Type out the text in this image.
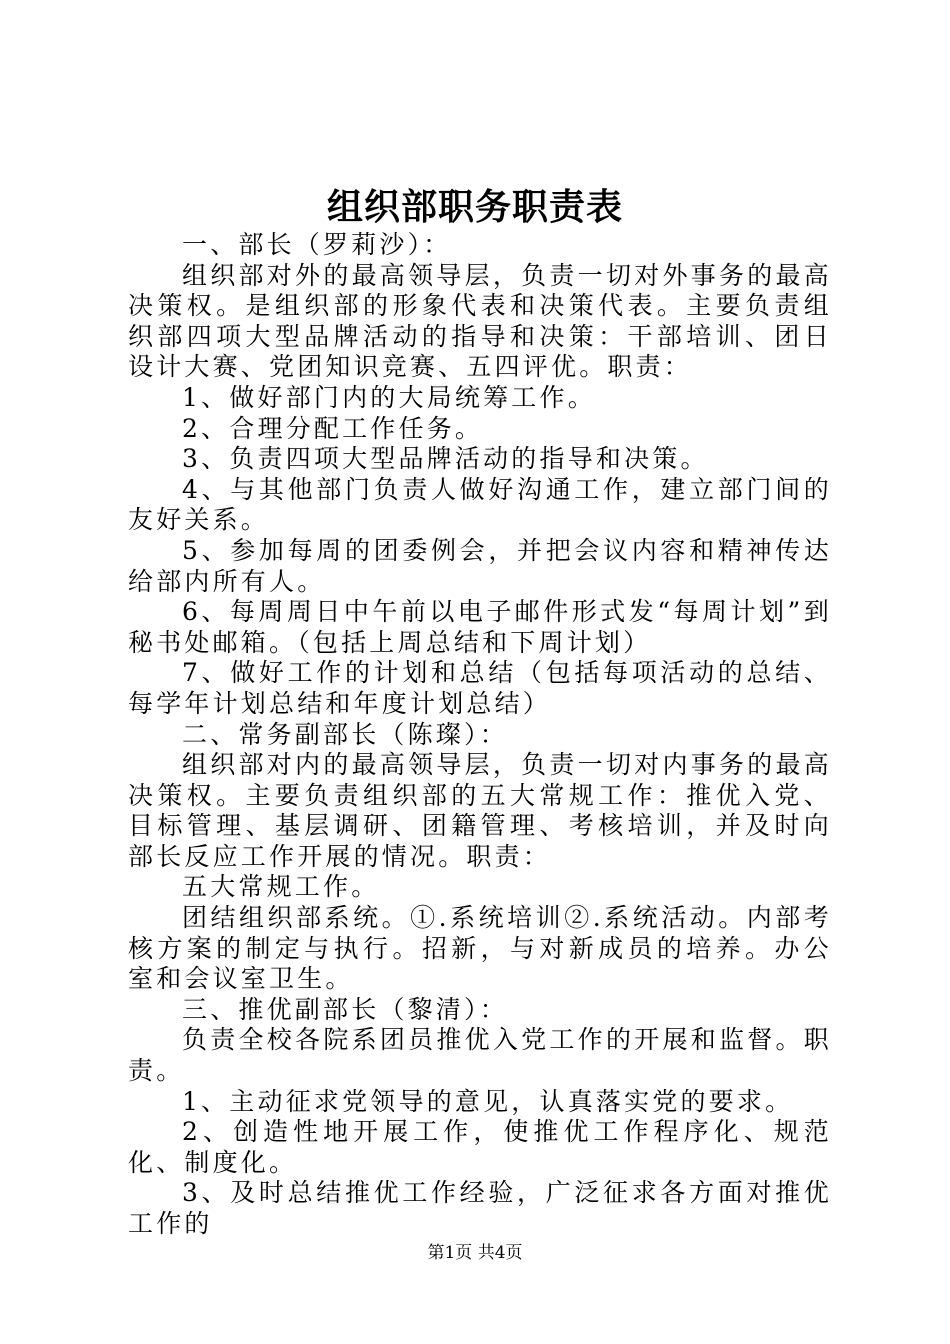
组织部职务职责表

一、部长（罗莉沙）：

组织部对外的最高领导层，负责一切对外事务的最高决策权。是组织部的形象代表和决策代表。主要负责组织部四项大型品牌活动的指导和决策：干部培训、团日设计大赛、党团知识竞赛、五四评优。职责：

1、做好部门内的大局统筹工作。

2、合理分配工作任务。

3、负责四项大型品牌活动的指导和决策。

4、与其他部门负责人做好沟通工作，建立部门间的友好关系。

5、参加每周的团委例会，并把会议内容和精神传达给部内所有人。

6、每周周日中午前以电子邮件形式发“每周计划”到秘书处邮箱。（包括上周总结和下周计划）

7、做好工作的计划和总结（包括每项活动的总结、每学年计划总结和年度计划总结）

二、常务副部长（陈璨）：

组织部对内的最高领导层，负责一切对内事务的最高决策权。主要负责组织部的五大常规工作：推优入党、目标管理、基层调研、团籍管理、考核培训，并及时向部长反应工作开展的情况。职责：

五大常规工作。

团结组织部系统。①.系统培训②.系统活动。内部考核方案的制定与执行。招新，与对新成员的培养。办公室和会议室卫生。

三、推优副部长（黎清）：

负责全校各院系团员推优入党工作的开展和监督。职责。

1、主动征求党领导的意见，认真落实党的要求。

2、创造性地开展工作，使推优工作程序化、规范化、制度化。

3、及时总结推优工作经验，广泛征求各方面对推优工作的

第1页 共4页
